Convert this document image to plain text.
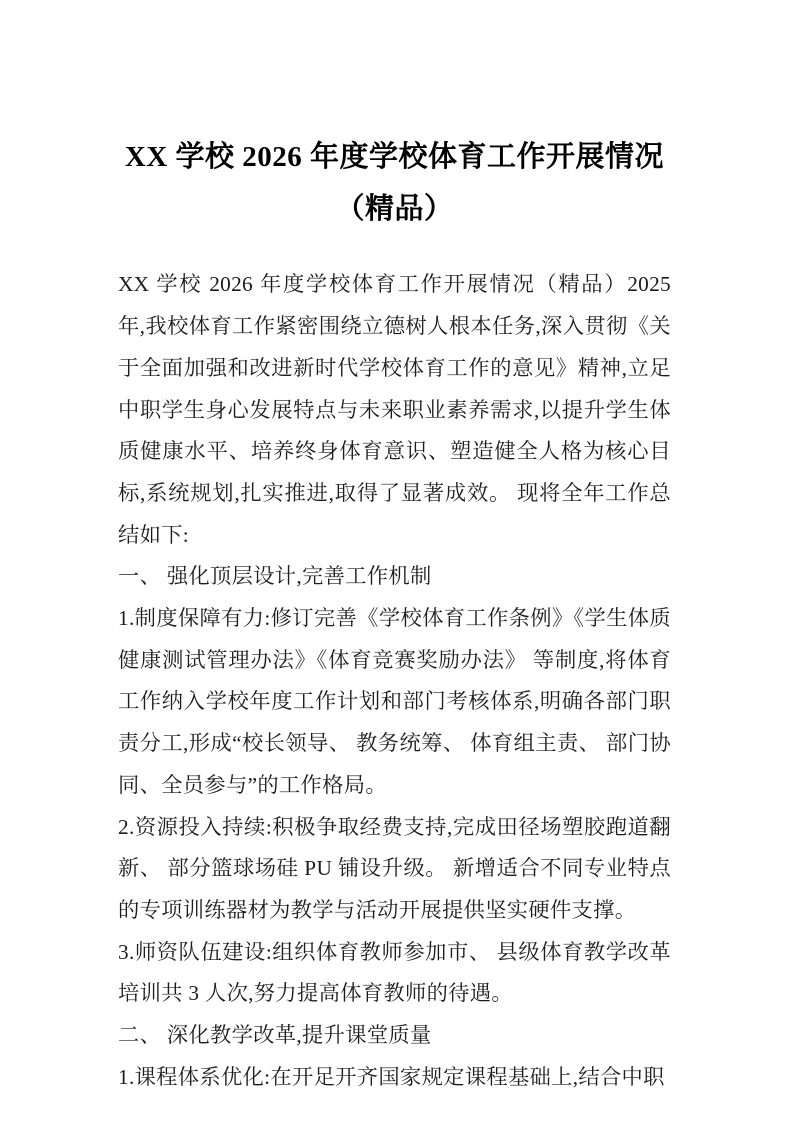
XX 学校 2026 年度学校体育工作开展情况
（精品）

XX 学校 2026 年度学校体育工作开展情况（精品）2025 年,我校体育工作紧密围绕立德树人根本任务,深入贯彻《关于全面加强和改进新时代学校体育工作的意见》精神,立足中职学生身心发展特点与未来职业素养需求,以提升学生体质健康水平、培养终身体育意识、塑造健全人格为核心目标,系统规划,扎实推进,取得了显著成效。 现将全年工作总结如下:

一、 强化顶层设计,完善工作机制

1.制度保障有力:修订完善《学校体育工作条例》《学生体质健康测试管理办法》《体育竞赛奖励办法》 等制度,将体育工作纳入学校年度工作计划和部门考核体系,明确各部门职责分工,形成“校长领导、 教务统筹、 体育组主责、 部门协同、全员参与”的工作格局。

2.资源投入持续:积极争取经费支持,完成田径场塑胶跑道翻新、 部分篮球场硅 PU 铺设升级。 新增适合不同专业特点的专项训练器材为教学与活动开展提供坚实硬件支撑。

3.师资队伍建设:组织体育教师参加市、 县级体育教学改革培训共 3 人次,努力提高体育教师的待遇。

二、 深化教学改革,提升课堂质量

1.课程体系优化:在开足开齐国家规定课程基础上,结合中职
